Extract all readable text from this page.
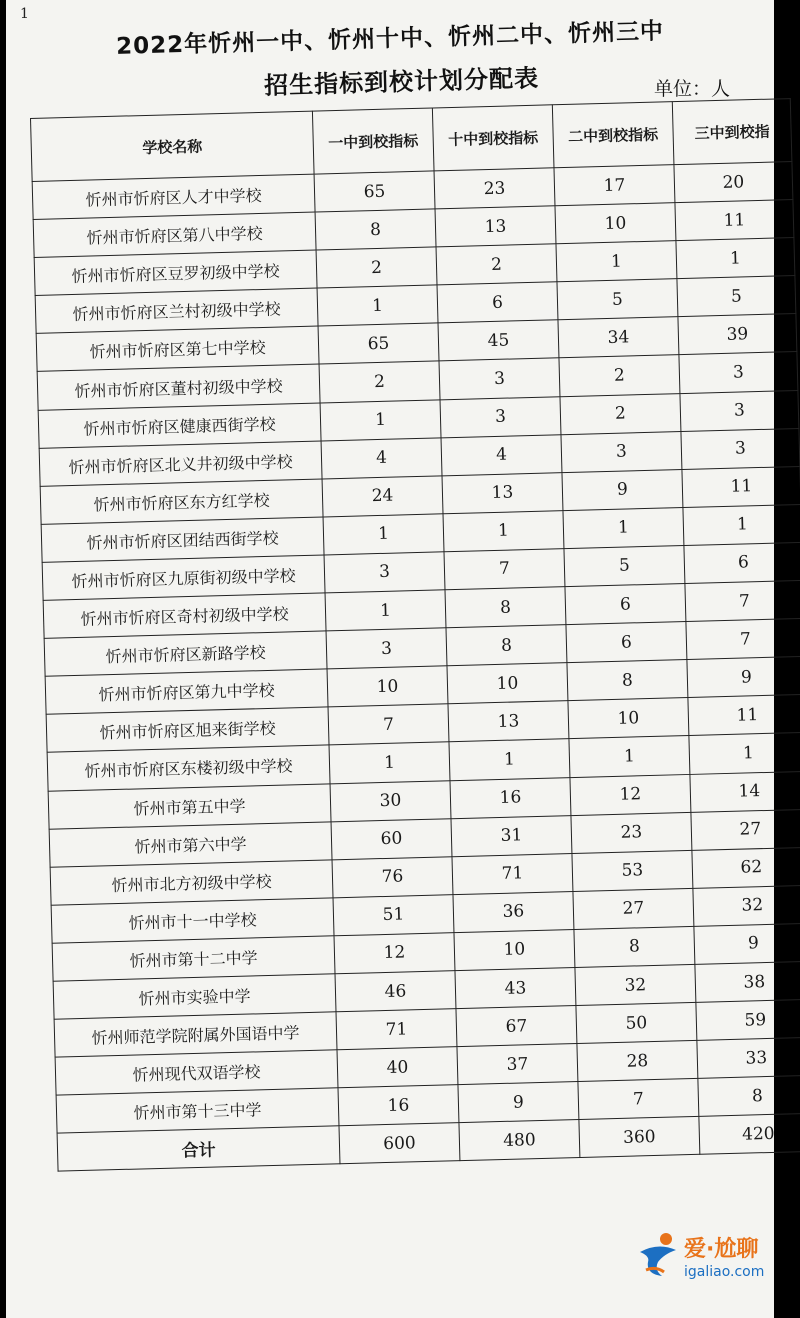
1
2022年忻州一中、忻州十中、忻州二中、忻州三中
招生指标到校计划分配表	单位：人
学校名称	一中到校指标	十中到校指标	二中到校指标	三中到校指
忻州市忻府区人才中学校	65	23	17	20
忻州市忻府区第八中学校	8	13	10	11
忻州市忻府区豆罗初级中学校	2	2	1	1
忻州市忻府区兰村初级中学校	1	6	5	5
忻州市忻府区第七中学校	65	45	34	39
忻州市忻府区董村初级中学校	2	3	2	3
忻州市忻府区健康西街学校	1	3	2	3
忻州市忻府区北义井初级中学校	4	4	3	3
忻州市忻府区东方红学校	24	13	9	11
忻州市忻府区团结西街学校	1	1	1	1
忻州市忻府区九原街初级中学校	3	7	5	6
忻州市忻府区奇村初级中学校	1	8	6	7
忻州市忻府区新路学校	3	8	6	7
忻州市忻府区第九中学校	10	10	8	9
忻州市忻府区旭来街学校	7	13	10	11
忻州市忻府区东楼初级中学校	1	1	1	1
忻州市第五中学	30	16	12	14
忻州市第六中学	60	31	23	27
忻州市北方初级中学校	76	71	53	62
忻州市十一中学校	51	36	27	32
忻州市第十二中学	12	10	8	9
忻州市实验中学	46	43	32	38
忻州师范学院附属外国语中学	71	67	50	59
忻州现代双语学校	40	37	28	33
忻州市第十三中学	16	9	7	8
合计	600	480	360	420
爱·尬聊
igaliao.com
